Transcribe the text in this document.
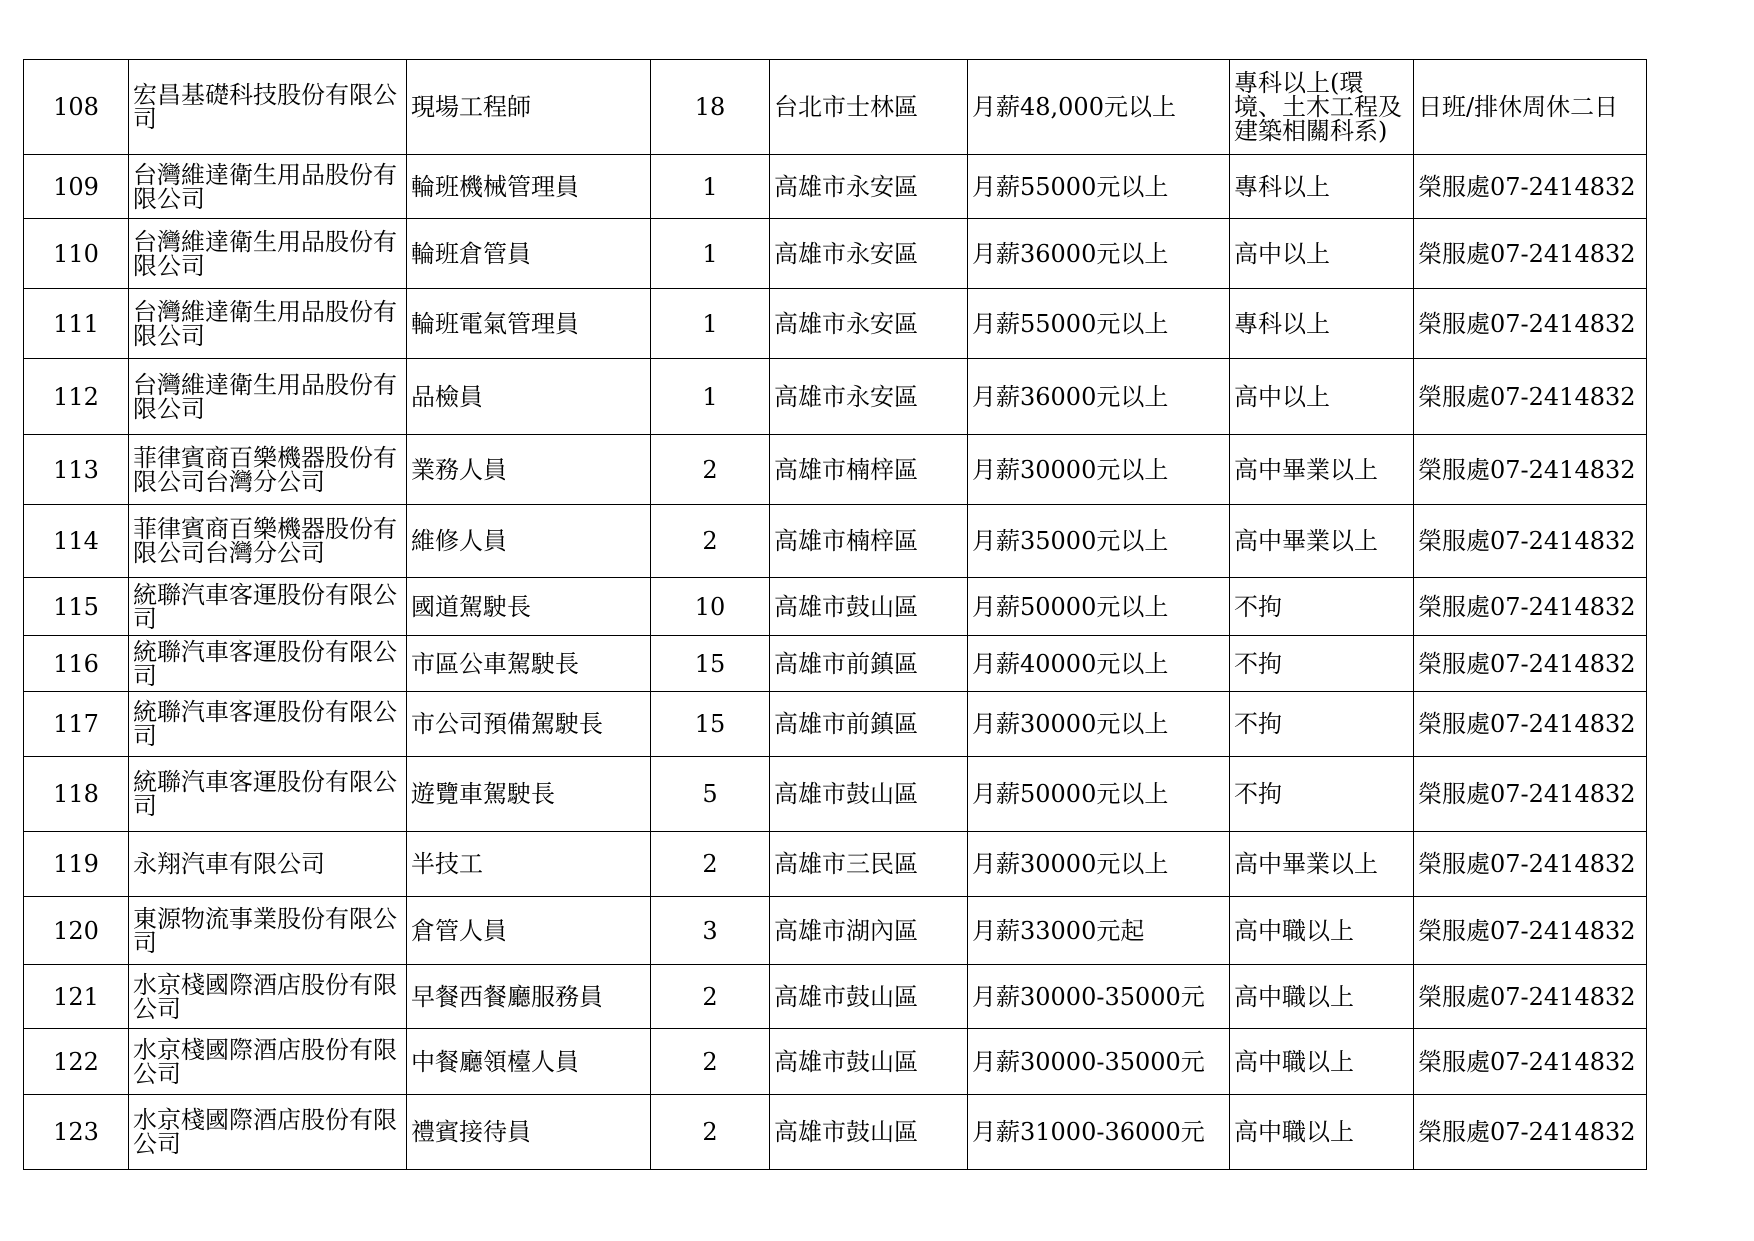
108	宏昌基礎科技股份有限公司	現場工程師	18	台北市士林區	月薪48,000元以上	專科以上(環境、土木工程及建築相關科系)	日班/排休周休二日
109	台灣維達衛生用品股份有限公司	輪班機械管理員	1	高雄市永安區	月薪55000元以上	專科以上	榮服處07-2414832
110	台灣維達衛生用品股份有限公司	輪班倉管員	1	高雄市永安區	月薪36000元以上	高中以上	榮服處07-2414832
111	台灣維達衛生用品股份有限公司	輪班電氣管理員	1	高雄市永安區	月薪55000元以上	專科以上	榮服處07-2414832
112	台灣維達衛生用品股份有限公司	品檢員	1	高雄市永安區	月薪36000元以上	高中以上	榮服處07-2414832
113	菲律賓商百樂機器股份有限公司台灣分公司	業務人員	2	高雄市楠梓區	月薪30000元以上	高中畢業以上	榮服處07-2414832
114	菲律賓商百樂機器股份有限公司台灣分公司	維修人員	2	高雄市楠梓區	月薪35000元以上	高中畢業以上	榮服處07-2414832
115	統聯汽車客運股份有限公司	國道駕駛長	10	高雄市鼓山區	月薪50000元以上	不拘	榮服處07-2414832
116	統聯汽車客運股份有限公司	市區公車駕駛長	15	高雄市前鎮區	月薪40000元以上	不拘	榮服處07-2414832
117	統聯汽車客運股份有限公司	市公司預備駕駛長	15	高雄市前鎮區	月薪30000元以上	不拘	榮服處07-2414832
118	統聯汽車客運股份有限公司	遊覽車駕駛長	5	高雄市鼓山區	月薪50000元以上	不拘	榮服處07-2414832
119	永翔汽車有限公司	半技工	2	高雄市三民區	月薪30000元以上	高中畢業以上	榮服處07-2414832
120	東源物流事業股份有限公司	倉管人員	3	高雄市湖內區	月薪33000元起	高中職以上	榮服處07-2414832
121	水京棧國際酒店股份有限公司	早餐西餐廳服務員	2	高雄市鼓山區	月薪30000-35000元	高中職以上	榮服處07-2414832
122	水京棧國際酒店股份有限公司	中餐廳領檯人員	2	高雄市鼓山區	月薪30000-35000元	高中職以上	榮服處07-2414832
123	水京棧國際酒店股份有限公司	禮賓接待員	2	高雄市鼓山區	月薪31000-36000元	高中職以上	榮服處07-2414832
